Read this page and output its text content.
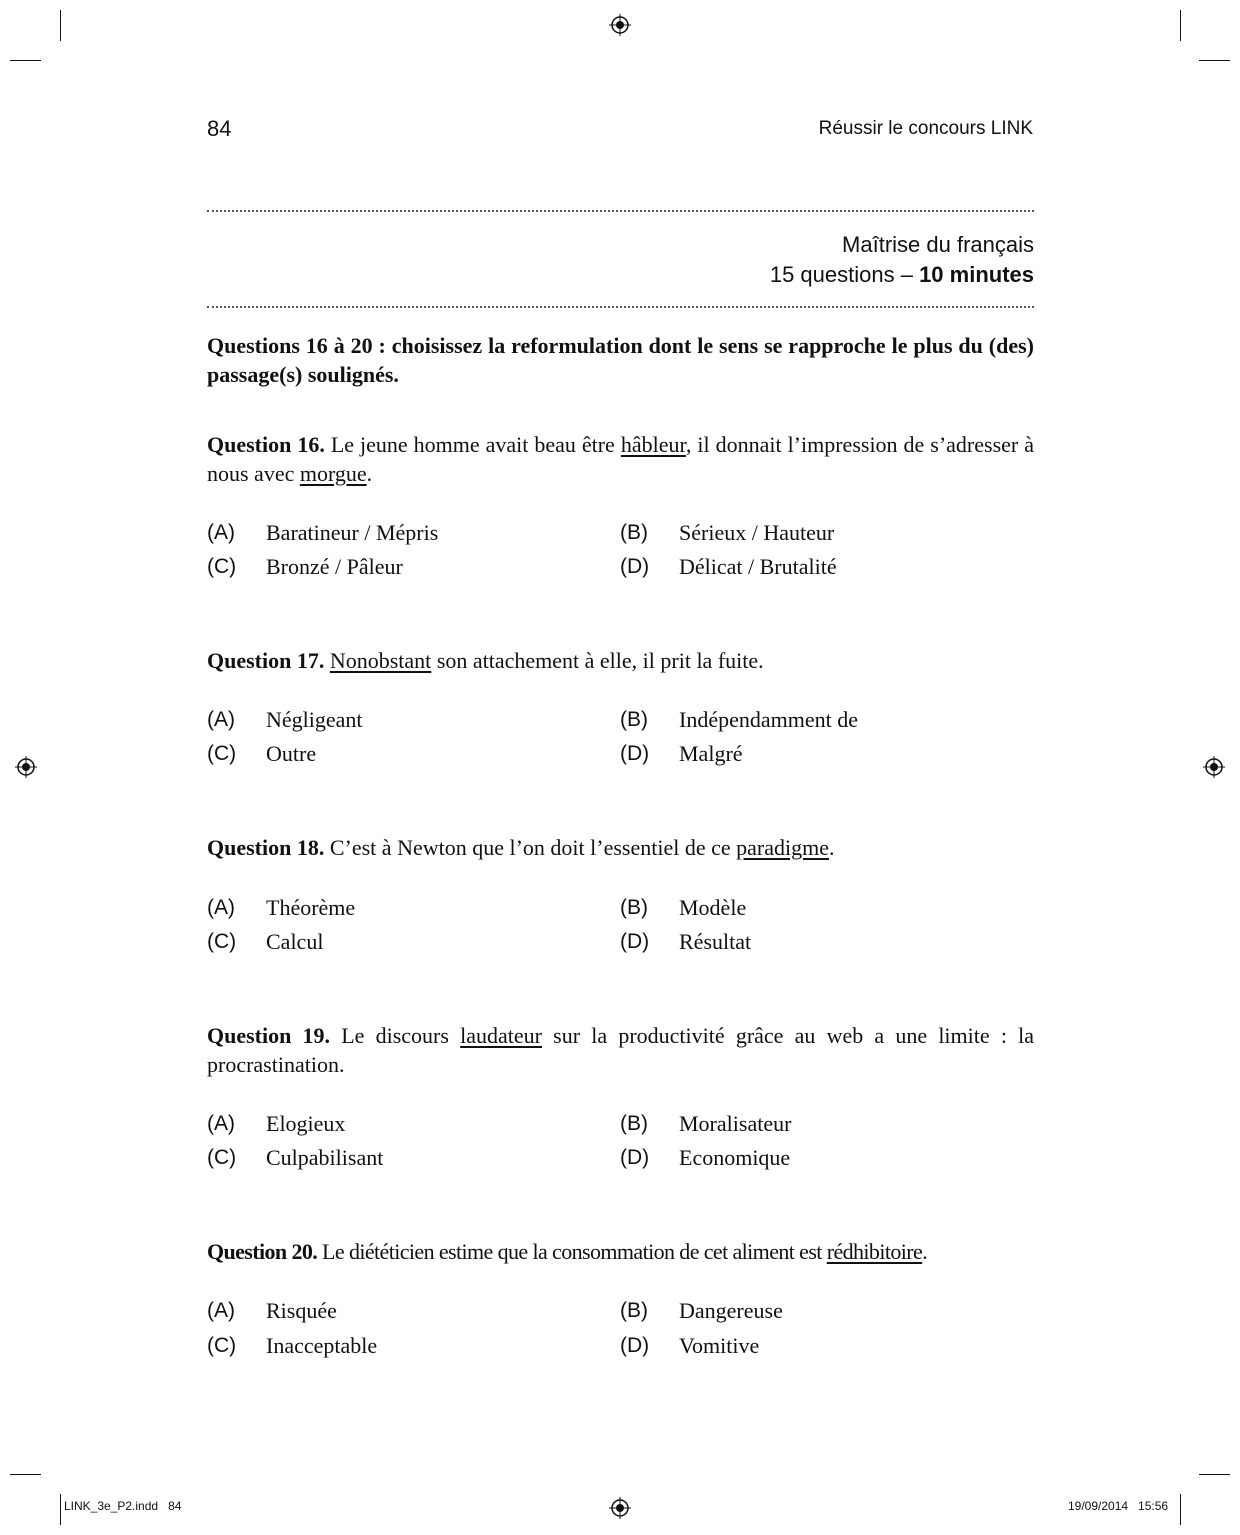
84	Réussir le concours LINK
Maîtrise du français
15 questions – 10 minutes
Questions 16 à 20 : choisissez la reformulation dont le sens se rapproche le plus du (des) passage(s) soulignés.
Question 16. Le jeune homme avait beau être hâbleur, il donnait l’impression de s’adresser à nous avec morgue.
(A) Baratineur / Mépris	(B) Sérieux / Hauteur
(C) Bronzé / Pâleur	(D) Délicat / Brutalité
Question 17. Nonobstant son attachement à elle, il prit la fuite.
(A) Négligeant	(B) Indépendamment de
(C) Outre	(D) Malgré
Question 18. C’est à Newton que l’on doit l’essentiel de ce paradigme.
(A) Théorème	(B) Modèle
(C) Calcul	(D) Résultat
Question 19. Le discours laudateur sur la productivité grâce au web a une limite : la procrastination.
(A) Elogieux	(B) Moralisateur
(C) Culpabilisant	(D) Economique
Question 20. Le diététicien estime que la consommation de cet aliment est rédhibitoire.
(A) Risquée	(B) Dangereuse
(C) Inacceptable	(D) Vomitive
LINK_3e_P2.indd   84	19/09/2014   15:56
